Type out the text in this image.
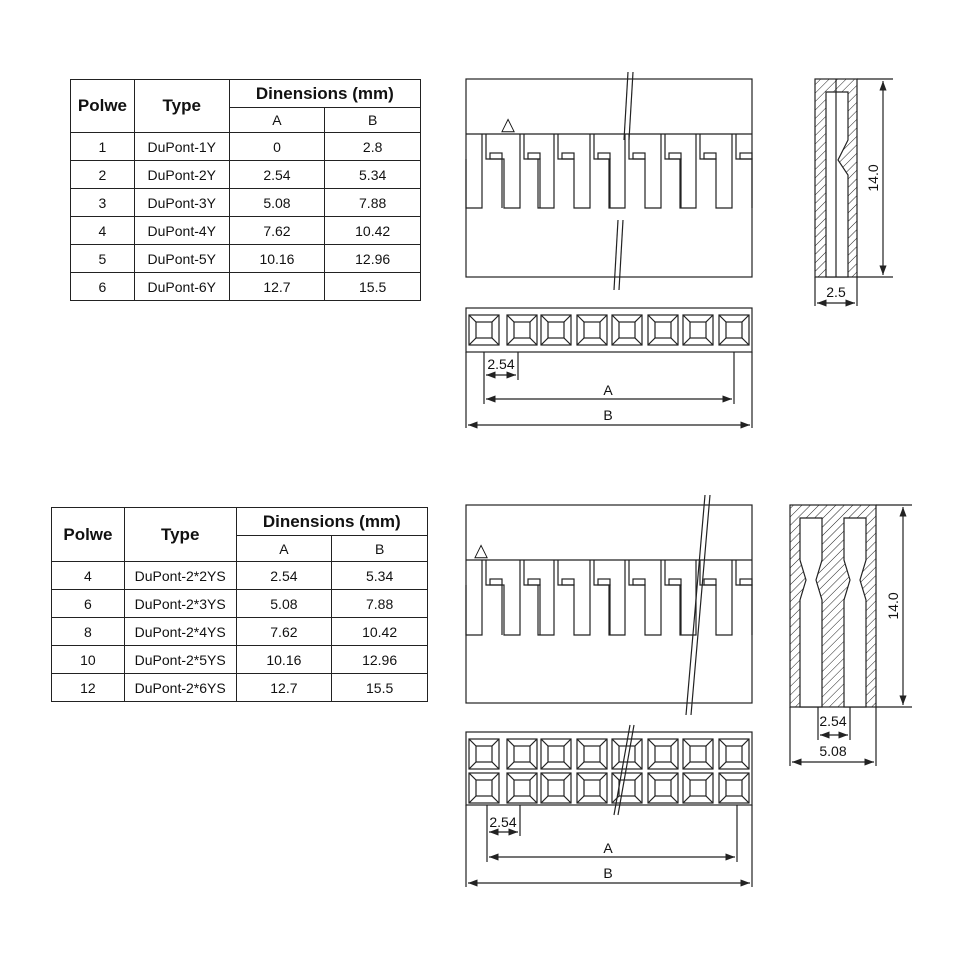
Polwe	Type	Dinensions (mm)	
		A	B
1	DuPont-1Y	0	2.8
2	DuPont-2Y	2.54	5.34
3	DuPont-3Y	5.08	7.88
4	DuPont-4Y	7.62	10.42
5	DuPont-5Y	10.16	12.96
6	DuPont-6Y	12.7	15.5
Polwe	Type	Dinensions (mm)	
		A	B
4	DuPont-2*2YS	2.54	5.34
6	DuPont-2*3YS	5.08	7.88
8	DuPont-2*4YS	7.62	10.42
10	DuPont-2*5YS	10.16	12.96
12	DuPont-2*6YS	12.7	15.5
△
2.54
A
B
14.0
2.5
△
2.54
A
B
14.0
2.54
5.08
